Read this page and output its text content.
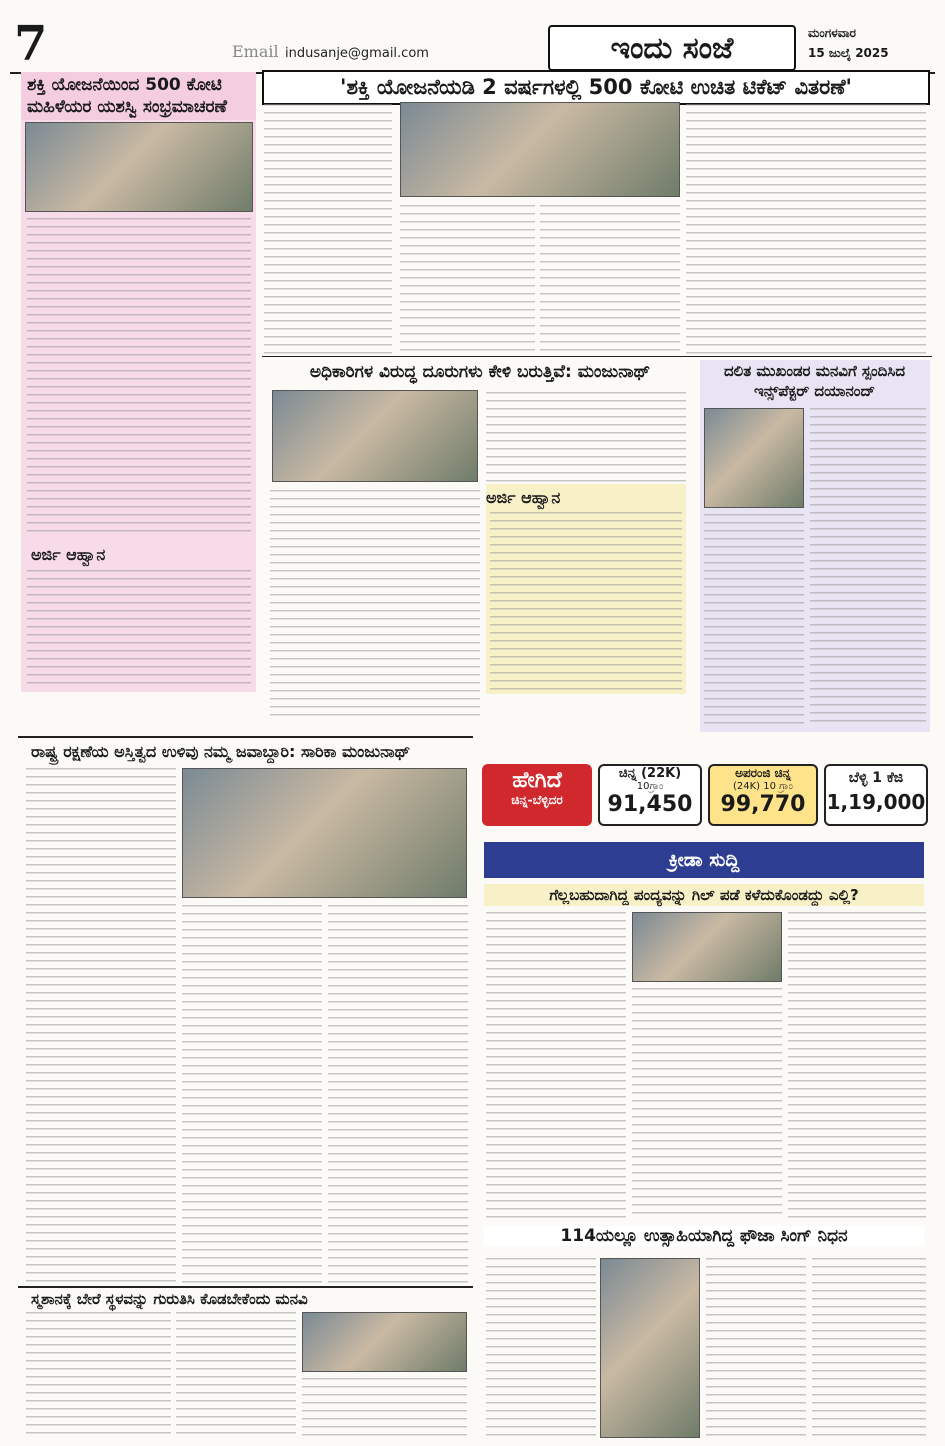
7	Email indusanje@gmail.com	ಇಂದು ಸಂಜೆ	ಮಂಗಳವಾರ
15 ಜುಲೈ 2025
ಶಕ್ತಿ ಯೋಜನೆಯಿಂದ 500 ಕೋಟಿ ಮಹಿಳೆಯರ ಯಶಸ್ವಿ ಸಂಭ್ರಮಾಚರಣೆ
ಅರ್ಜಿ ಆಹ್ವಾನ
'ಶಕ್ತಿ ಯೋಜನೆಯಡಿ 2 ವರ್ಷಗಳಲ್ಲಿ 500 ಕೋಟಿ ಉಚಿತ ಟಿಕೆಟ್ ವಿತರಣೆ'
ಅಧಿಕಾರಿಗಳ ವಿರುದ್ಧ ದೂರುಗಳು ಕೇಳಿ ಬರುತ್ತಿವೆ: ಮಂಜುನಾಥ್
ಅರ್ಜಿ ಆಹ್ವಾನ
ದಲಿತ ಮುಖಂಡರ ಮನವಿಗೆ ಸ್ಪಂದಿಸಿದ ಇನ್ಸ್‌ಪೆಕ್ಟರ್ ದಯಾನಂದ್
ರಾಷ್ಟ್ರ ರಕ್ಷಣೆಯ ಅಸ್ತಿತ್ವದ ಉಳಿವು ನಮ್ಮ ಜವಾಬ್ದಾರಿ: ಸಾರಿಕಾ ಮಂಜುನಾಥ್
ಹೇಗಿದೆ
ಚಿನ್ನ-ಬೆಳ್ಳಿದರ
ಚಿನ್ನ (22K)
10ಗ್ರಾಂ
91,450
ಅಪರಂಜಿ ಚಿನ್ನ
(24K) 10 ಗ್ರಾಂ
99,770
ಬೆಳ್ಳಿ 1 ಕೆಜಿ
1,19,000
ಕ್ರೀಡಾ ಸುದ್ದಿ
ಗೆಲ್ಲಬಹುದಾಗಿದ್ದ ಪಂದ್ಯವನ್ನು ಗಿಲ್ ಪಡೆ ಕಳೆದುಕೊಂಡದ್ದು ಎಲ್ಲಿ?
114ಯಲ್ಲೂ ಉತ್ಸಾಹಿಯಾಗಿದ್ದ ಫೌಜಾ ಸಿಂಗ್ ನಿಧನ
ಸ್ಮಶಾನಕ್ಕೆ ಬೇರೆ ಸ್ಥಳವನ್ನು ಗುರುತಿಸಿ ಕೊಡಬೇಕೆಂದು ಮನವಿ
